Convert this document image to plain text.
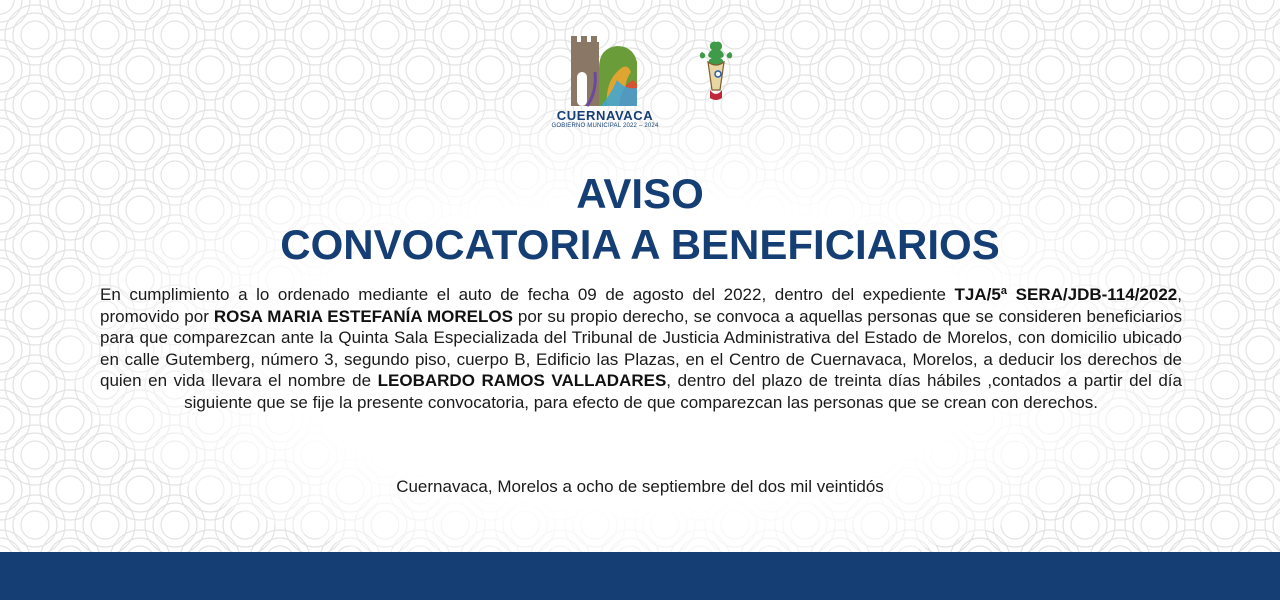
CUERNAVACA
GOBIERNO MUNICIPAL 2022 – 2024
AVISO
CONVOCATORIA A BENEFICIARIOS

En cumplimiento a lo ordenado mediante el auto de fecha 09 de agosto del 2022, dentro del expediente TJA/5ª SERA/JDB-114/2022, promovido por ROSA MARIA ESTEFANÍA MORELOS por su propio derecho, se convoca a aquellas personas que se consideren beneficiarios para que comparezcan ante la Quinta Sala Especializada del Tribunal de Justicia Administrativa del Estado de Morelos, con domicilio ubicado en calle Gutemberg, número 3, segundo piso, cuerpo B, Edificio las Plazas, en el Centro de Cuernavaca, Morelos, a deducir los derechos de quien en vida llevara el nombre de LEOBARDO RAMOS VALLADARES, dentro del plazo de treinta días hábiles ,contados a partir del día siguiente que se fije la presente convocatoria, para efecto de que comparezcan las personas que se crean con derechos.

Cuernavaca, Morelos a ocho de septiembre del dos mil veintidós
